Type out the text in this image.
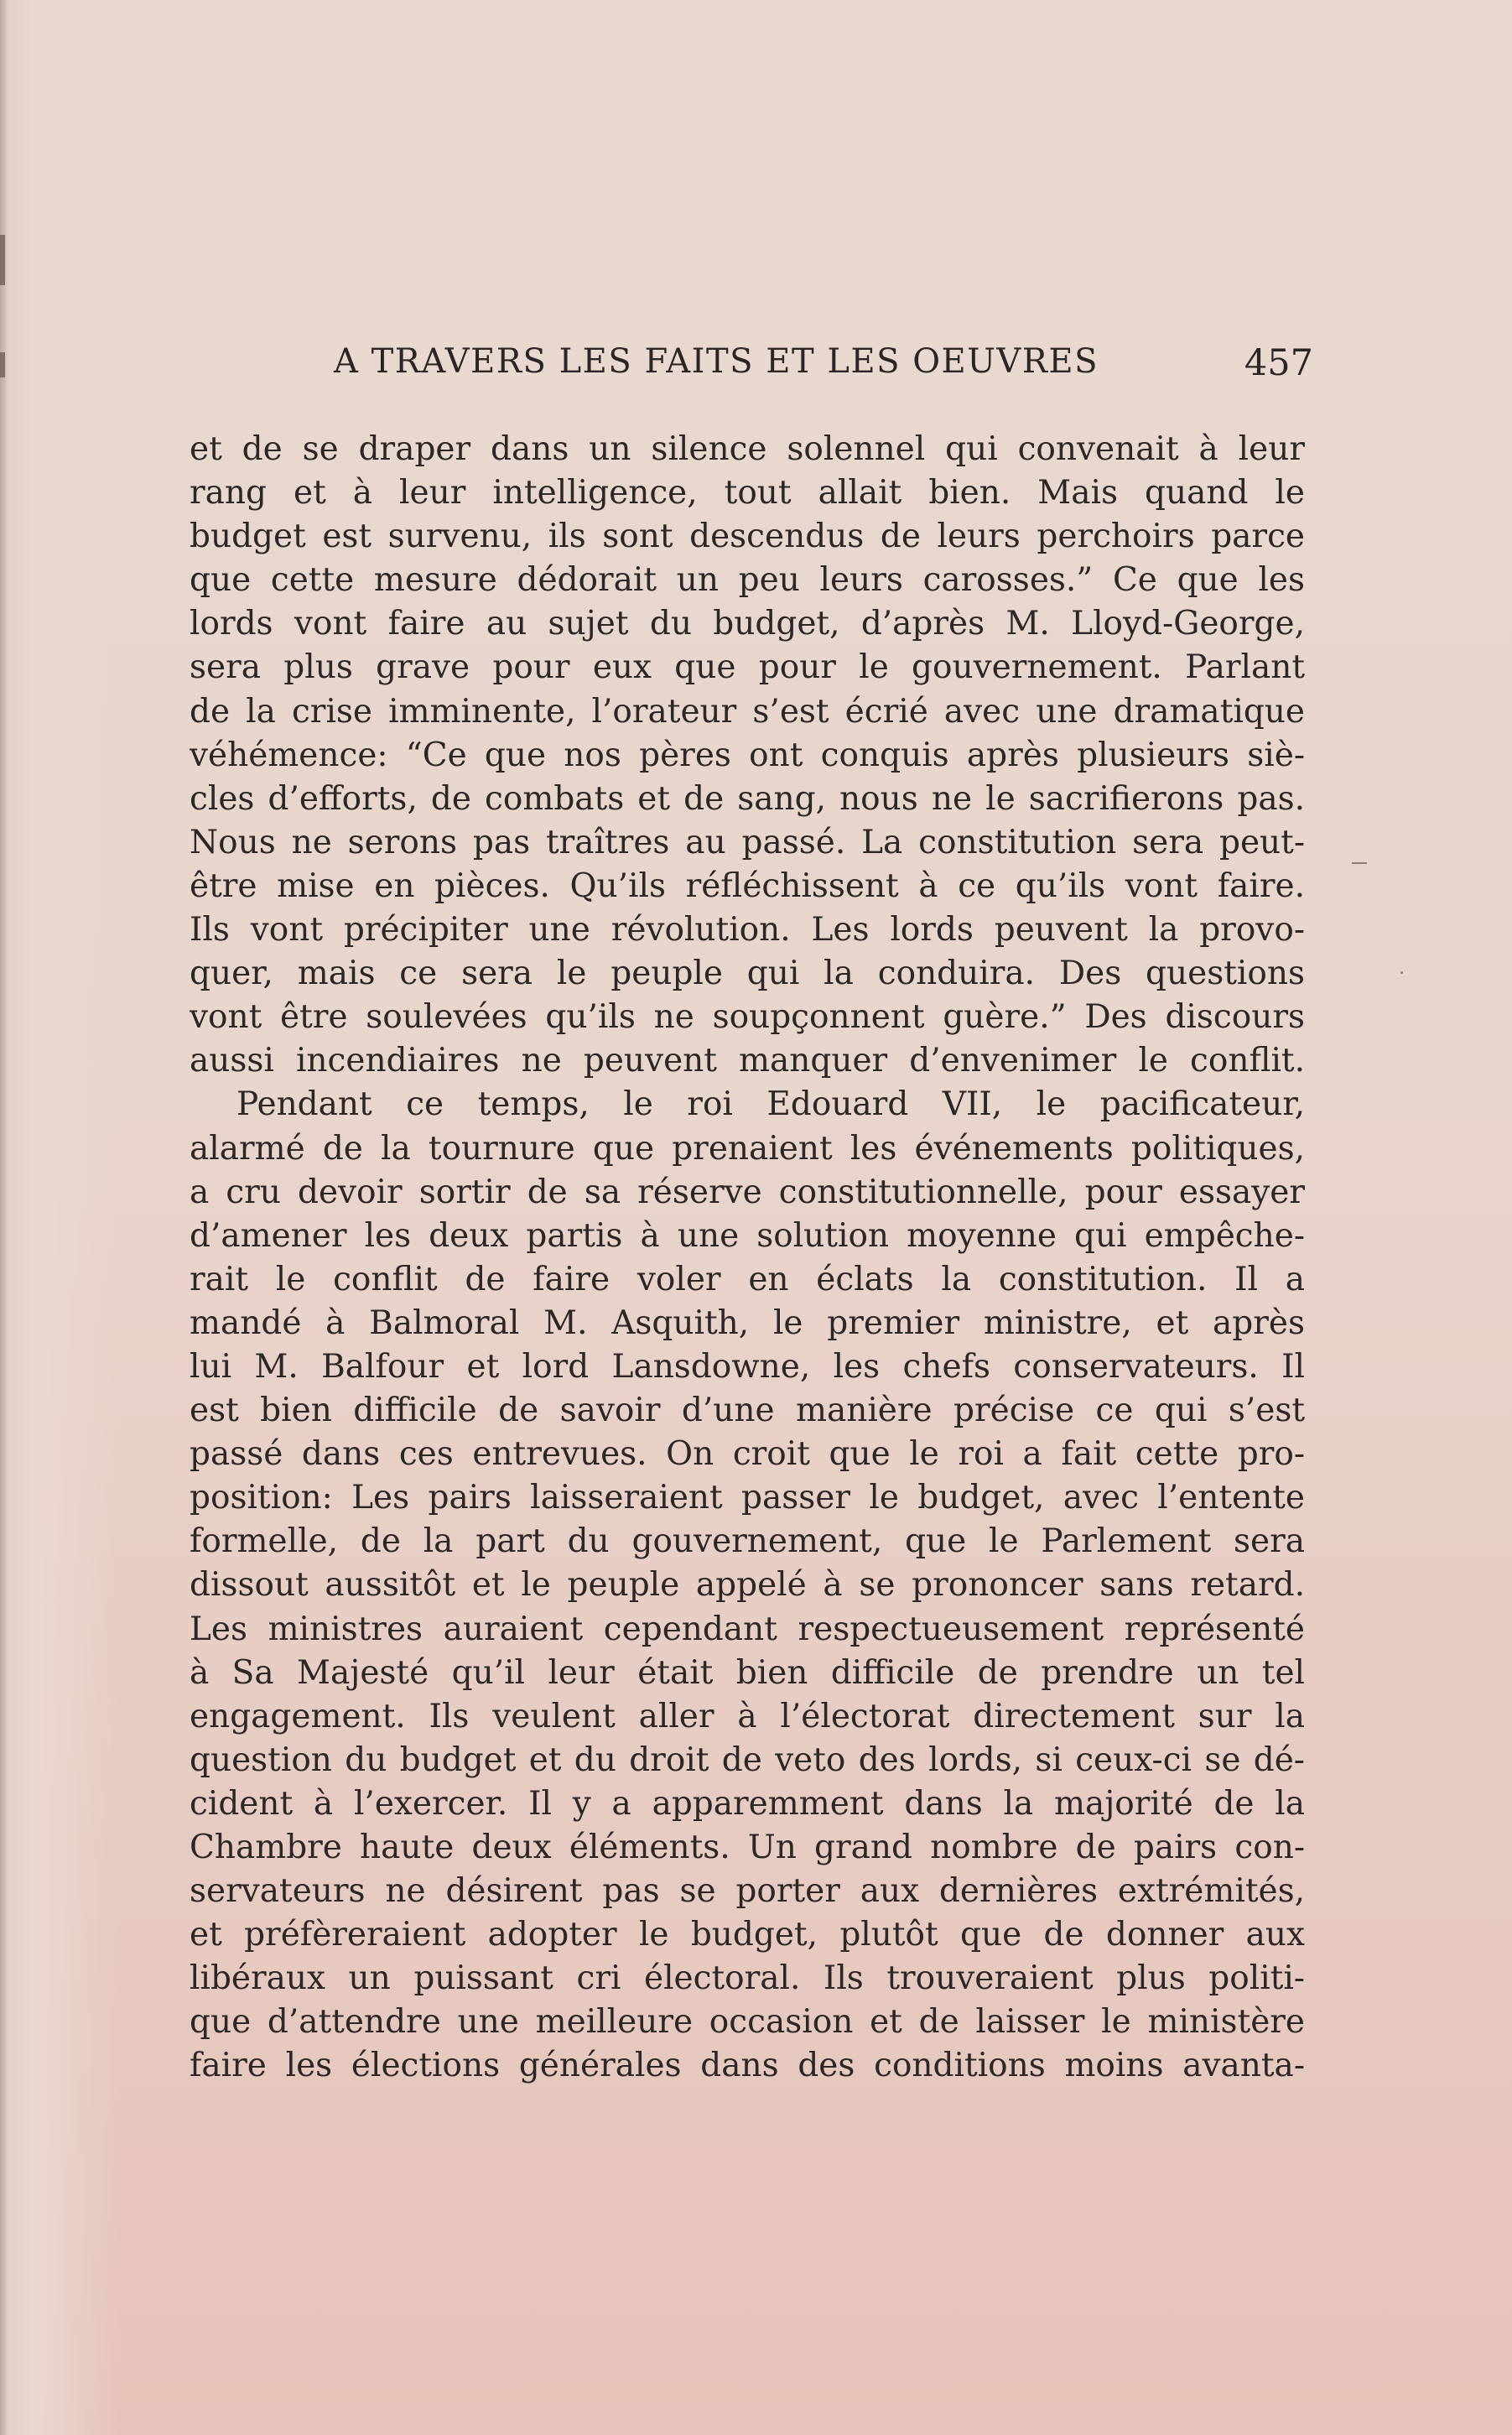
A TRAVERS LES FAITS ET LES OEUVRES	457
et de se draper dans un silence solennel qui convenait à leur
rang et à leur intelligence, tout allait bien. Mais quand le
budget est survenu, ils sont descendus de leurs perchoirs parce
que cette mesure dédorait un peu leurs carosses.” Ce que les
lords vont faire au sujet du budget, d’après M. Lloyd-George,
sera plus grave pour eux que pour le gouvernement. Parlant
de la crise imminente, l’orateur s’est écrié avec une dramatique
véhémence: “Ce que nos pères ont conquis après plusieurs siè-
cles d’efforts, de combats et de sang, nous ne le sacrifierons pas.
Nous ne serons pas traîtres au passé. La constitution sera peut-
être mise en pièces. Qu’ils réfléchissent à ce qu’ils vont faire.
Ils vont précipiter une révolution. Les lords peuvent la provo-
quer, mais ce sera le peuple qui la conduira. Des questions
vont être soulevées qu’ils ne soupçonnent guère.” Des discours
aussi incendiaires ne peuvent manquer d’envenimer le conflit.
Pendant ce temps, le roi Edouard VII, le pacificateur,
alarmé de la tournure que prenaient les événements politiques,
a cru devoir sortir de sa réserve constitutionnelle, pour essayer
d’amener les deux partis à une solution moyenne qui empêche-
rait le conflit de faire voler en éclats la constitution. Il a
mandé à Balmoral M. Asquith, le premier ministre, et après
lui M. Balfour et lord Lansdowne, les chefs conservateurs. Il
est bien difficile de savoir d’une manière précise ce qui s’est
passé dans ces entrevues. On croit que le roi a fait cette pro-
position: Les pairs laisseraient passer le budget, avec l’entente
formelle, de la part du gouvernement, que le Parlement sera
dissout aussitôt et le peuple appelé à se prononcer sans retard.
Les ministres auraient cependant respectueusement représenté
à Sa Majesté qu’il leur était bien difficile de prendre un tel
engagement. Ils veulent aller à l’électorat directement sur la
question du budget et du droit de veto des lords, si ceux-ci se dé-
cident à l’exercer. Il y a apparemment dans la majorité de la
Chambre haute deux éléments. Un grand nombre de pairs con-
servateurs ne désirent pas se porter aux dernières extrémités,
et préfèreraient adopter le budget, plutôt que de donner aux
libéraux un puissant cri électoral. Ils trouveraient plus politi-
que d’attendre une meilleure occasion et de laisser le ministère
faire les élections générales dans des conditions moins avanta-
